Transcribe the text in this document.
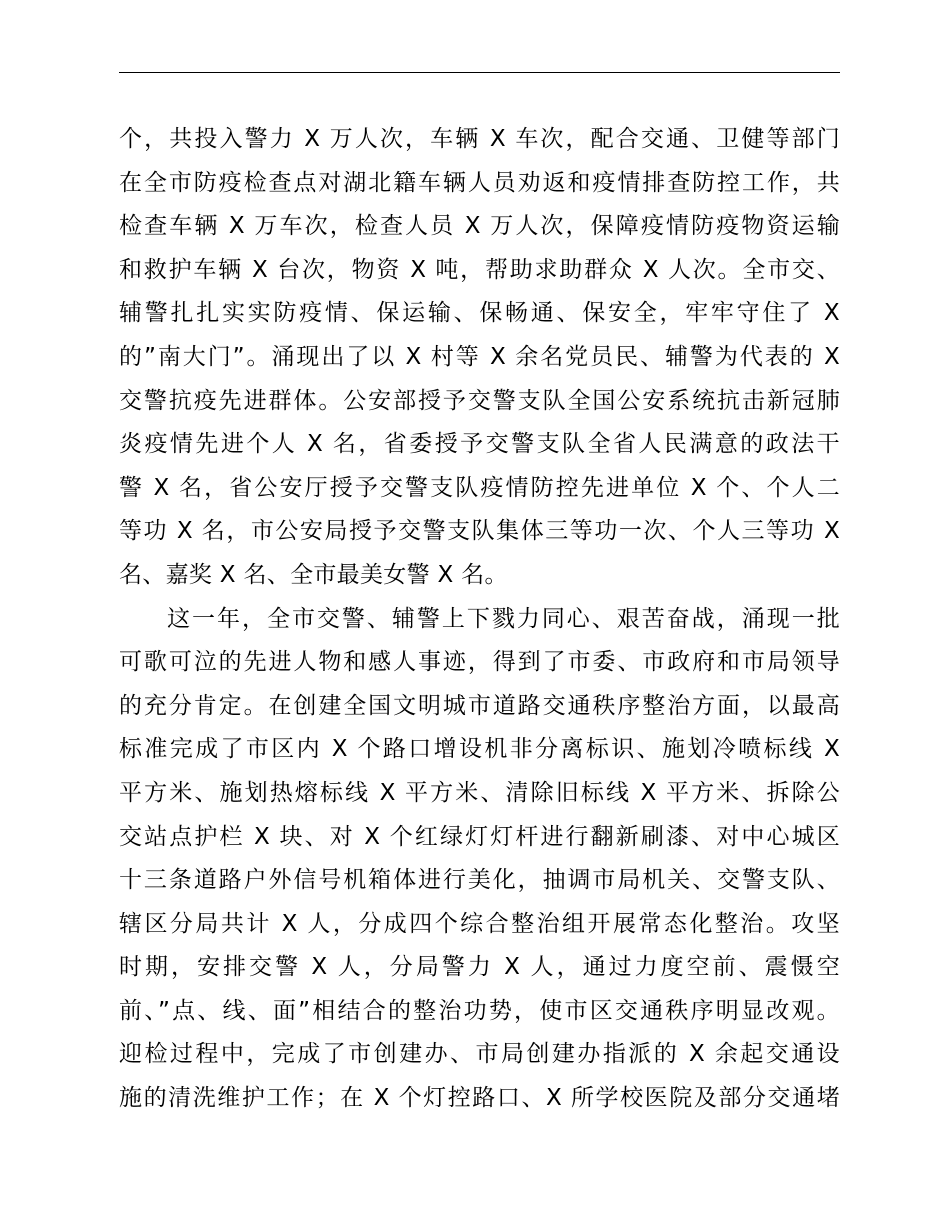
个，共投入警力 X 万人次，车辆 X 车次，配合交通、卫健等部门
在全市防疫检查点对湖北籍车辆人员劝返和疫情排查防控工作，共
检查车辆 X 万车次，检查人员 X 万人次，保障疫情防疫物资运输
和救护车辆 X 台次，物资 X 吨，帮助求助群众 X 人次。全市交、
辅警扎扎实实防疫情、保运输、保畅通、保安全，牢牢守住了 X
的”南大门”。涌现出了以 X 村等 X 余名党员民、辅警为代表的 X
交警抗疫先进群体。公安部授予交警支队全国公安系统抗击新冠肺
炎疫情先进个人 X 名，省委授予交警支队全省人民满意的政法干
警 X 名，省公安厅授予交警支队疫情防控先进单位 X 个、个人二
等功 X 名，市公安局授予交警支队集体三等功一次、个人三等功 X
名、嘉奖 X 名、全市最美女警 X 名。
这一年，全市交警、辅警上下戮力同心、艰苦奋战，涌现一批
可歌可泣的先进人物和感人事迹，得到了市委、市政府和市局领导
的充分肯定。在创建全国文明城市道路交通秩序整治方面，以最高
标准完成了市区内 X 个路口增设机非分离标识、施划冷喷标线 X
平方米、施划热熔标线 X 平方米、清除旧标线 X 平方米、拆除公
交站点护栏 X 块、对 X 个红绿灯灯杆进行翻新刷漆、对中心城区
十三条道路户外信号机箱体进行美化，抽调市局机关、交警支队、
辖区分局共计 X 人，分成四个综合整治组开展常态化整治。攻坚
时期，安排交警 X 人，分局警力 X 人，通过力度空前、震慑空
前、”点、线、面”相结合的整治功势，使市区交通秩序明显改观。
迎检过程中，完成了市创建办、市局创建办指派的 X 余起交通设
施的清洗维护工作；在 X 个灯控路口、X 所学校医院及部分交通堵
